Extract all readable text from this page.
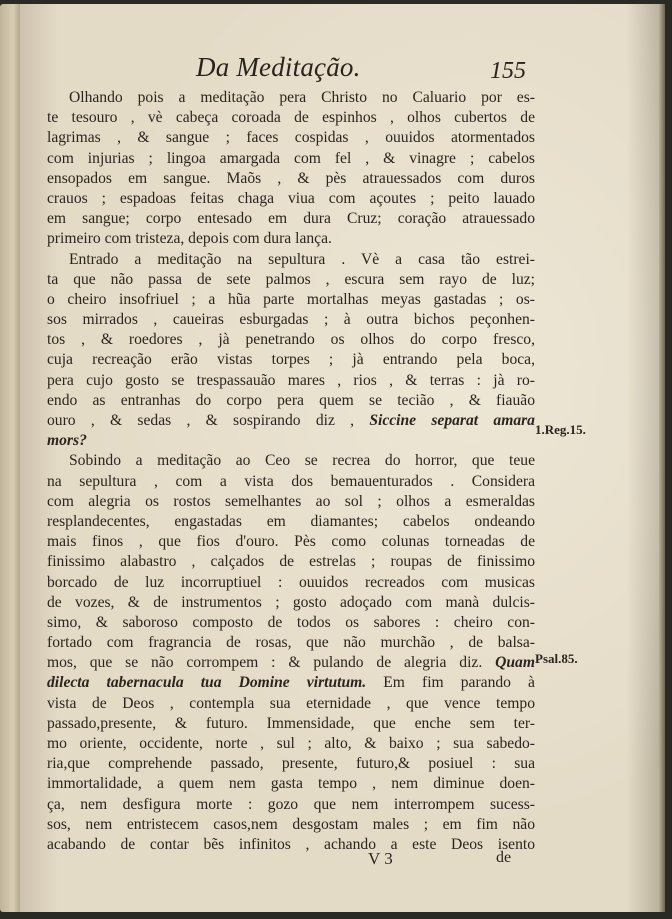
Da Meditação.	155
Olhando pois a meditação pera Christo no Caluario por es-
te tesouro , vè cabeça coroada de espinhos , olhos cubertos de
lagrimas , & sangue ; faces cospidas , ouuidos atormentados
com injurias ; lingoa amargada com fel , & vinagre ; cabelos
ensopados em sangue. Maõs , & pès atrauessados com duros
crauos ; espadoas feitas chaga viua com açoutes ; peito lauado
em sangue; corpo entesado em dura Cruz; coração atrauessado
primeiro com tristeza, depois com dura lança.
Entrado a meditação na sepultura . Vè a casa tão estrei-
ta que não passa de sete palmos , escura sem rayo de luz;
o cheiro insofriuel ; a hũa parte mortalhas meyas gastadas ; os-
sos mirrados , caueiras esburgadas ; à outra bichos peçonhen-
tos , & roedores , jà penetrando os olhos do corpo fresco,
cuja recreação erão vistas torpes ; jà entrando pela boca,
pera cujo gosto se trespassauão mares , rios , & terras : jà ro-
endo as entranhas do corpo pera quem se tecião , & fiauão
ouro , & sedas , & sospirando diz , Siccine separat amara
mors?
Sobindo a meditação ao Ceo se recrea do horror, que teue
na sepultura , com a vista dos bemauenturados . Considera
com alegria os rostos semelhantes ao sol ; olhos a esmeraldas
resplandecentes, engastadas em diamantes; cabelos ondeando
mais finos , que fios d'ouro. Pès como colunas torneadas de
finissimo alabastro , calçados de estrelas ; roupas de finissimo
borcado de luz incorruptiuel : ouuidos recreados com musicas
de vozes, & de instrumentos ; gosto adoçado com manà dulcis-
simo, & saboroso composto de todos os sabores : cheiro con-
fortado com fragrancia de rosas, que não murchão , de balsa-
mos, que se não corrompem : & pulando de alegria diz. Quam
dilecta tabernacula tua Domine virtutum. Em fim parando à
vista de Deos , contempla sua eternidade , que vence tempo
passado,presente, & futuro. Immensidade, que enche sem ter-
mo oriente, occidente, norte , sul ; alto, & baixo ; sua sabedo-
ria,que comprehende passado, presente, futuro,& posiuel : sua
immortalidade, a quem nem gasta tempo , nem diminue doen-
ça, nem desfigura morte : gozo que nem interrompem sucess-
sos, nem entristecem casos,nem desgostam males ; em fim não
acabando de contar bẽs infinitos , achando a este Deos isento
1.Reg.15.
Psal.85.
V 3	de
